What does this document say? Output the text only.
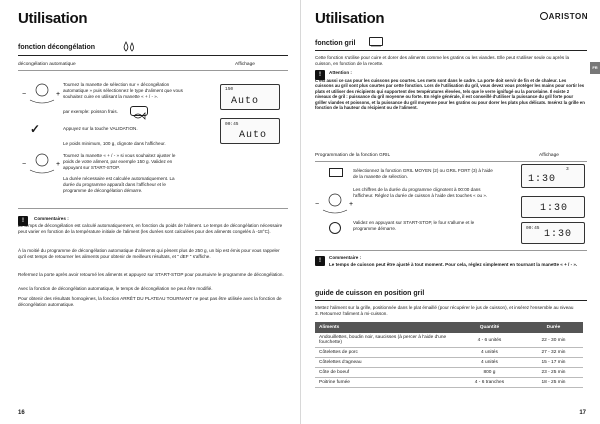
Utilisation
fonction décongélation
décongélation automatique	Affichage
−	+
Tournez la manette de sélection sur « décongélation automatique » puis sélectionnez le type d'aliment que vous souhaitez cuire en utilisant la manette « + / - ».
par exemple: poisson frais.
150
Auto
✓	Appuyez sur la touche VALIDATION.
Le poids minimum, 100 g, clignote dans l'afficheur.
00:45
Auto
−	+
Tournez la manette « + / - » si vous souhaitez ajuster le poids de votre aliment, par exemple 150 g. Validez en appuyant sur START-STOP.
La durée nécessaire est calculée automatiquement. La durée du programme apparaît dans l'afficheur et le programme de décongélation démarre.
!	Commentaires :
Le temps de décongélation est calculé automatiquement, en fonction du poids de l'aliment. Le temps de décongélation nécessaire peut varier en fonction de la température initiale de l'aliment (les durées sont calculées pour des aliments congelés à -18°C).
À la moitié du programme de décongélation automatique d'aliments qui pèsent plus de 250 g, un bip est émis pour vous rappeler qu'il est temps de retourner les aliments pour obtenir de meilleurs résultats, et " dEF " s'affiche.
Refermez la porte après avoir retourné les aliments et appuyez sur START-STOP pour poursuivre le programme de décongélation.
Avec la fonction de décongélation automatique, le temps de décongélation ne peut être modifié.
Pour obtenir des résultats homogènes, la fonction ARRÊT DU PLATEAU TOURNANT ne peut pas être utilisée avec la fonction de décongélation automatique.
16
Utilisation	ARISTON
fonction gril
Cette fonction s'utilise pour cuire et dorer des aliments comme les gratins ou les viandes. Elle peut s'utiliser seule ou après la cuisson, en fonction de la recette.
!	Attention :
C'est aussi ce cas pour les cuissons peu courtes. Les mets sont dans le cadre. La porte doit servir de fin et de chaleur. Les cuissons au gril sont plus courtes par cette fonction. Lors de l'utilisation du gril, vous devez vous protéger les mains pour sortir les plats et utiliser des récipients qui supportent des températures élevées, tels que le verre ignifugé ou la porcelaine. Il existe 2 niveaux de gril : puissance du gril moyenne ou forte. En règle générale, il est conseillé d'utiliser la puissance du gril forte pour griller viandes et poissons, et la puissance du gril moyenne pour les gratins ou pour dorer les plats plus délicats. Insérez la grille en fonction de la hauteur du récipient ou de l'aliment.
FR
Programmation de la fonction GRIL	Affichage
Sélectionnez la fonction GRIL MOYEN (2) ou GRIL FORT (3) à l'aide de la manette de sélection.
3
1:30
−	+
Les chiffres de la durée du programme clignotent à 00:00 dans l'afficheur. Réglez la durée de cuisson à l'aide des touches « ou ».
1:30
Validez en appuyant sur START-STOP, le four s'allume et le programme démarre.	00:45
1:30
!
Commentaire :
Le temps de cuisson peut être ajusté à tout moment. Pour cela, réglez simplement en tournant la manette « + / - ».
guide de cuisson en position gril
Mettez l'aliment sur la grille, positionnée dans le plat émaillé (pour récupérer le jus de cuisson), et insérez l'ensemble au niveau 3. Retournez l'aliment à mi-cuisson.
Aliments	Quantité	Durée
Andouillettes, boudin noir, saucisses (à percer à l'aide d'une fourchette)	4 - 6 unités	22 - 30 min
Côtelettes de porc	4 unités	27 - 32 min
Côtelettes d'agneau	4 unités	15 - 17 min
Côte de boeuf	800 g	23 - 25 min
Poitrine fumée	4 - 6 tranches	18 - 25 min
17
